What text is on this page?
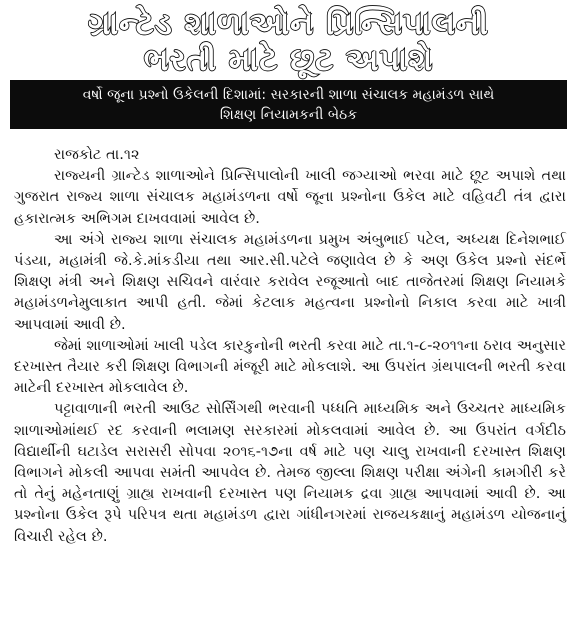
ગ્રાન્ટેડ શાળાઓને પ્રિન્સિપાલની
ભરતી માટે છૂટ અપાશે
વર્ષો જૂના પ્રશ્નો ઉકેલની દિશામાં: સરકારની શાળા સંચાલક મહામંડળ સાથે
શિક્ષણ નિયામકની બેઠક
રાજકોટ તા.૧૨

રાજ્યની ગ્રાન્ટેડ શાળાઓને પ્રિન્સિપાલોની ખાલી જગ્યાઓ ભરવા માટે છૂટ અપાશે તથા ગુજરાત રાજ્ય શાળા સંચાલક મહામંડળના વર્ષો જૂના પ્રશ્નોના ઉકેલ માટે વહિવટી તંત્ર દ્વારા હકારાત્મક અભિગમ દાખવવામાં આવેલ છે.

આ અંગે રાજ્ય શાળા સંચાલક મહામંડળના પ્રમુખ અંબુભાઈ પટેલ, અધ્યક્ષ દિનેશભાઈ પંડયા, મહામંત્રી જે.કે.માંકડીયા તથા આર.સી.પટેલે જણાવેલ છે કે અણ ઉકેલ પ્રશ્નો સંદર્ભે શિક્ષણ મંત્રી અને શિક્ષણ સચિવને વારંવાર કરાવેલ રજૂઆતો બાદ તાજેતરમાં શિક્ષણ નિયામકે મહામંડળનેમુલાકાત આપી હતી. જેમાં કેટલાક મહત્વના પ્રશ્નોનો નિકાલ કરવા માટે ખાત્રી આપવામાં આવી છે.

જેમાં શાળાઓમાં ખાલી પડેલ કારકુનોની ભરતી કરવા માટે તા.૧-૮-૨૦૧૧ના ઠરાવ અનુસાર દરખાસ્ત તૈયાર કરી શિક્ષણ વિભાગની મંજૂરી માટે મોકલાશે. આ ઉપરાંત ગ્રંથપાલની ભરતી કરવા માટેની દરખાસ્ત મોકલાવેલ છે.

પટ્ટાવાળાની ભરતી આઉટ સોર્સિંગથી ભરવાની પધ્ધતિ માધ્યમિક અને ઉચ્ચતર માધ્યમિક શાળાઓમાંથઈ રદ કરવાની ભલામણ સરકારમાં મોકલવામાં આવેલ છે. આ ઉપરાંત વર્ગદીઠ વિદ્યાર્થીની ઘટાડેલ સરાસરી સોપવા ૨૦૧૬-૧૭ના વર્ષ માટે પણ ચાલુ રાખવાની દરખાસ્ત શિક્ષણ વિભાગને મોકલી આપવા સમંતી આપવેલ છે. તેમજ જીલ્લા શિક્ષણ પરીક્ષા અંગેની કામગીરી કરે તો તેનું મહેનતાણું ગ્રાહ્ય રાખવાની દરખાસ્ત પણ નિયામક દ્રવા ગ્રાહ્ય આપવામાં આવી છે. આ પ્રશ્નોના ઉકેલ રૂપે પરિપત્ર થતા મહામંડળ દ્વારા ગાંધીનગરમાં રાજયકક્ષાનું મહામંડળ યોજનાનું વિચારી રહેલ છે.
